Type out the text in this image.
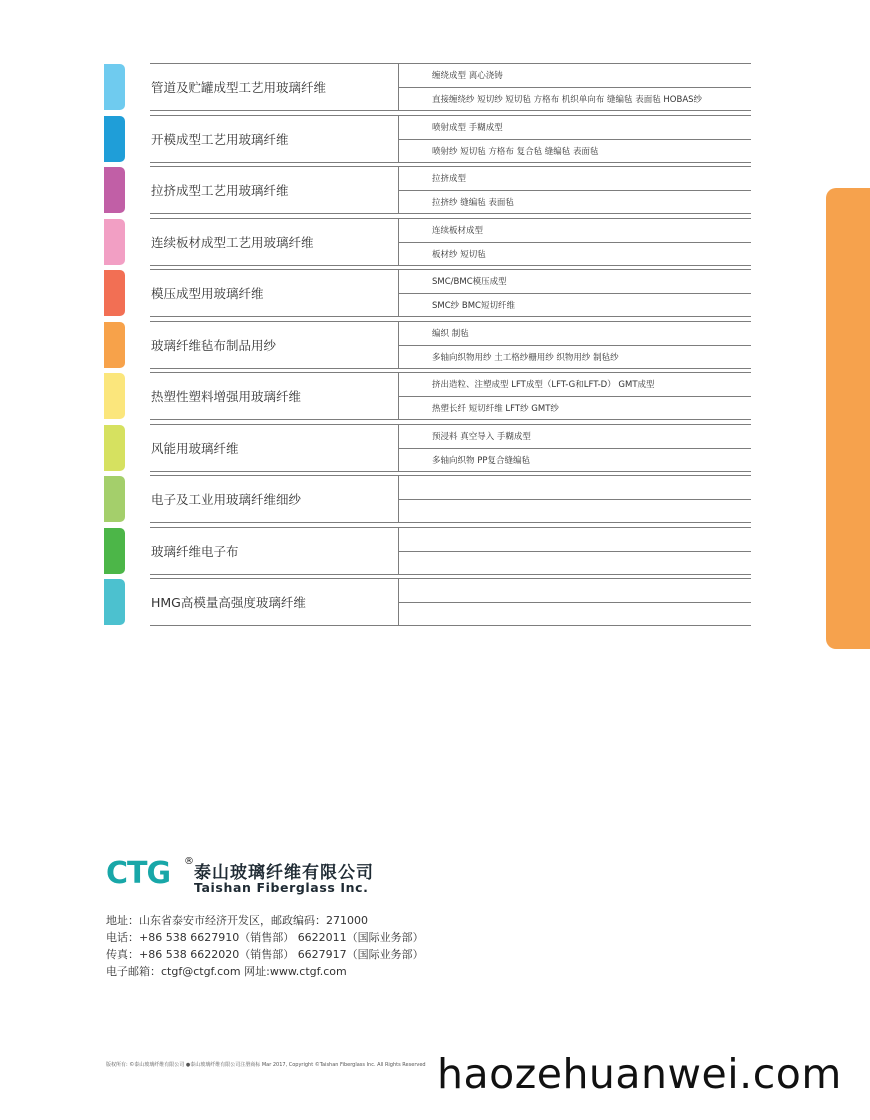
管道及贮罐成型工艺用玻璃纤维
缠绕成型 离心浇铸
直接缠绕纱 短切纱 短切毡 方格布 机织单向布 缝编毡 表面毡 HOBAS纱
开模成型工艺用玻璃纤维
喷射成型 手糊成型
喷射纱 短切毡 方格布 复合毡 缝编毡 表面毡
拉挤成型工艺用玻璃纤维
拉挤成型
拉挤纱 缝编毡 表面毡
连续板材成型工艺用玻璃纤维
连续板材成型
板材纱 短切毡
模压成型用玻璃纤维
SMC/BMC模压成型
SMC纱 BMC短切纤维
玻璃纤维毡布制品用纱
编织 制毡
多轴向织物用纱 土工格纱栅用纱 织物用纱 制毡纱
热塑性塑料增强用玻璃纤维
挤出造粒、注塑成型 LFT成型（LFT-G和LFT-D） GMT成型
热塑长纤 短切纤维 LFT纱 GMT纱
风能用玻璃纤维
预浸料 真空导入 手糊成型
多轴向织物 PP复合缝编毡
电子及工业用玻璃纤维细纱
玻璃纤维电子布
HMG高模量高强度玻璃纤维
CTG ®
泰山玻璃纤维有限公司
Taishan Fiberglass Inc.
地址：山东省泰安市经济开发区，邮政编码：271000
电话：+86 538 6627910（销售部） 6622011（国际业务部）
传真：+86 538 6622020（销售部） 6627917（国际业务部）
电子邮箱：ctgf@ctgf.com 网址:www.ctgf.com
版权所有: ©泰山玻璃纤维有限公司 ●泰山玻璃纤维有限公司注册商标 Mar 2017, Copyright ©Taishan Fiberglass Inc. All Rights Reserved haozehuanwei.com
